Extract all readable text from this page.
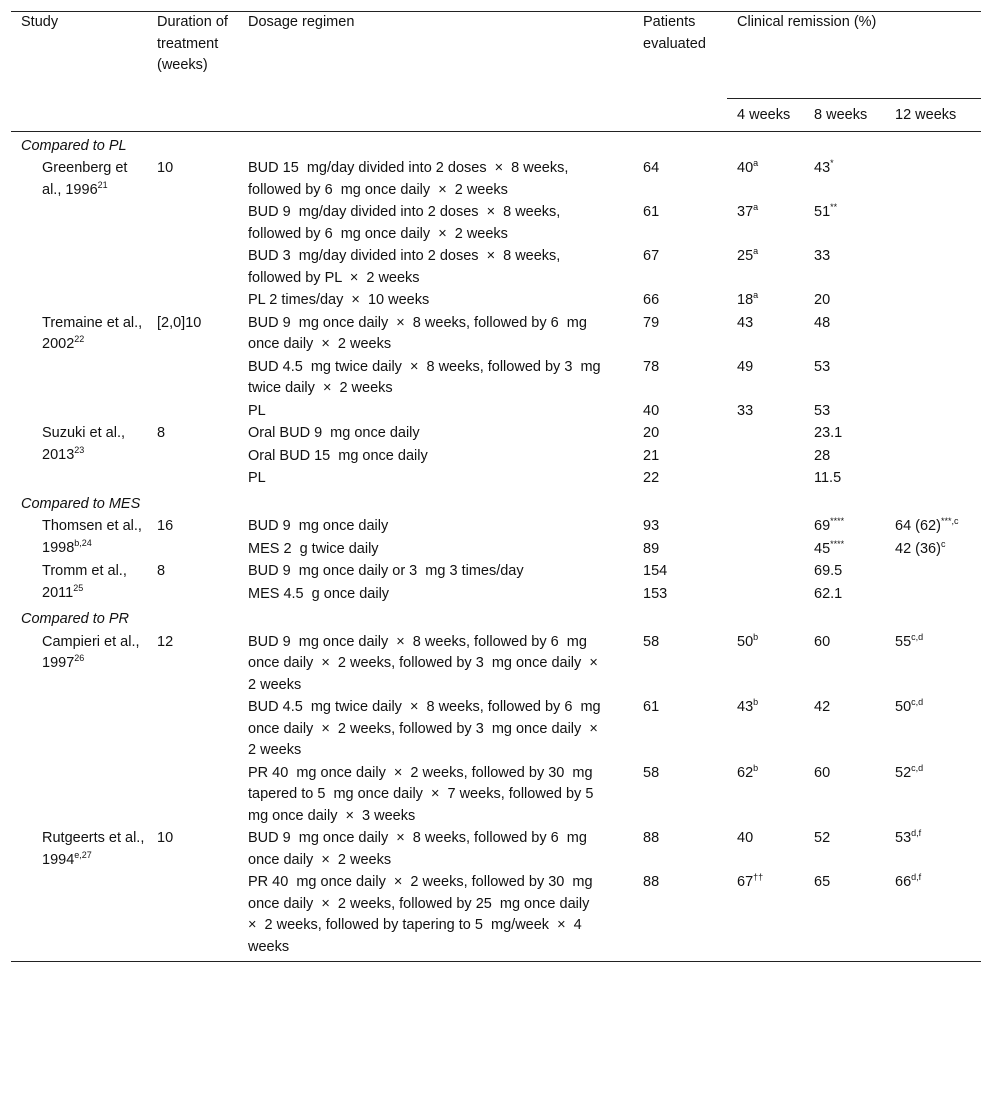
Study	Duration of treatment (weeks)	Dosage regimen	Patients evaluated	Clinical remission (%)		
				4 weeks	8 weeks	12 weeks
Compared to PL						
Greenberg et al., 1996$^{21}$	10	BUD 15  mg/day divided into 2 doses  ×  8 weeks, followed by 6  mg once daily  ×  2 weeks	64	40$^a$	43*	
		BUD 9  mg/day divided into 2 doses  ×  8 weeks, followed by 6  mg once daily  ×  2 weeks	61	37$^a$	51**	
		BUD 3  mg/day divided into 2 doses  ×  8 weeks, followed by PL  ×  2 weeks	67	25$^a$	33	
		PL 2 times/day  ×  10 weeks	66	18$^a$	20	
Tremaine et al., 2002$^{22}$	[2,0]10	BUD 9  mg once daily  ×  8 weeks, followed by 6  mg once daily  ×  2 weeks	79	43	48	
		BUD 4.5  mg twice daily  ×  8 weeks, followed by 3  mg twice daily  ×  2 weeks	78	49	53	
		PL	40	33	53	
Suzuki et al., 2013$^{23}$	8	Oral BUD 9  mg once daily	20		23.1	
		Oral BUD 15  mg once daily	21		28	
		PL	22		11.5	
Compared to MES						
Thomsen et al., 1998$^{b,24}$	16	BUD 9  mg once daily	93		69****	64 $(62)^{***,c}$
		MES 2  g twice daily	89		45****	42 $(36)^c$
Tromm et al., 2011$^{25}$	8	BUD 9  mg once daily or 3  mg 3 times/day	154		69.5	
		MES 4.5  g once daily	153		62.1	
Compared to PR						
Campieri et al., 1997$^{26}$	12	BUD 9  mg once daily  ×  8 weeks, followed by 6  mg once daily  ×  2 weeks, followed by 3  mg once daily  ×  2 weeks	58	50$^b$	60	55$^{c,d}$
		BUD 4.5  mg twice daily  ×  8 weeks, followed by 6  mg once daily  ×  2 weeks, followed by 3  mg once daily  ×  2 weeks	61	43$^b$	42	50$^{c,d}$
		PR 40  mg once daily  ×  2 weeks, followed by 30  mg tapered to 5  mg once daily  ×  7 weeks, followed by 5  mg once daily  ×  3 weeks	58	62$^b$	60	52$^{c,d}$
Rutgeerts et al., 1994$^{e,27}$	10	BUD 9  mg once daily  ×  8 weeks, followed by 6  mg once daily  ×  2 weeks	88	40	52	53$^{d,f}$
		PR 40  mg once daily  ×  2 weeks, followed by 30  mg once daily  ×  2 weeks, followed by 25  mg once daily  ×  2 weeks, followed by tapering to 5  mg/week  ×  4 weeks	88	67††	65	66$^{d,f}$
